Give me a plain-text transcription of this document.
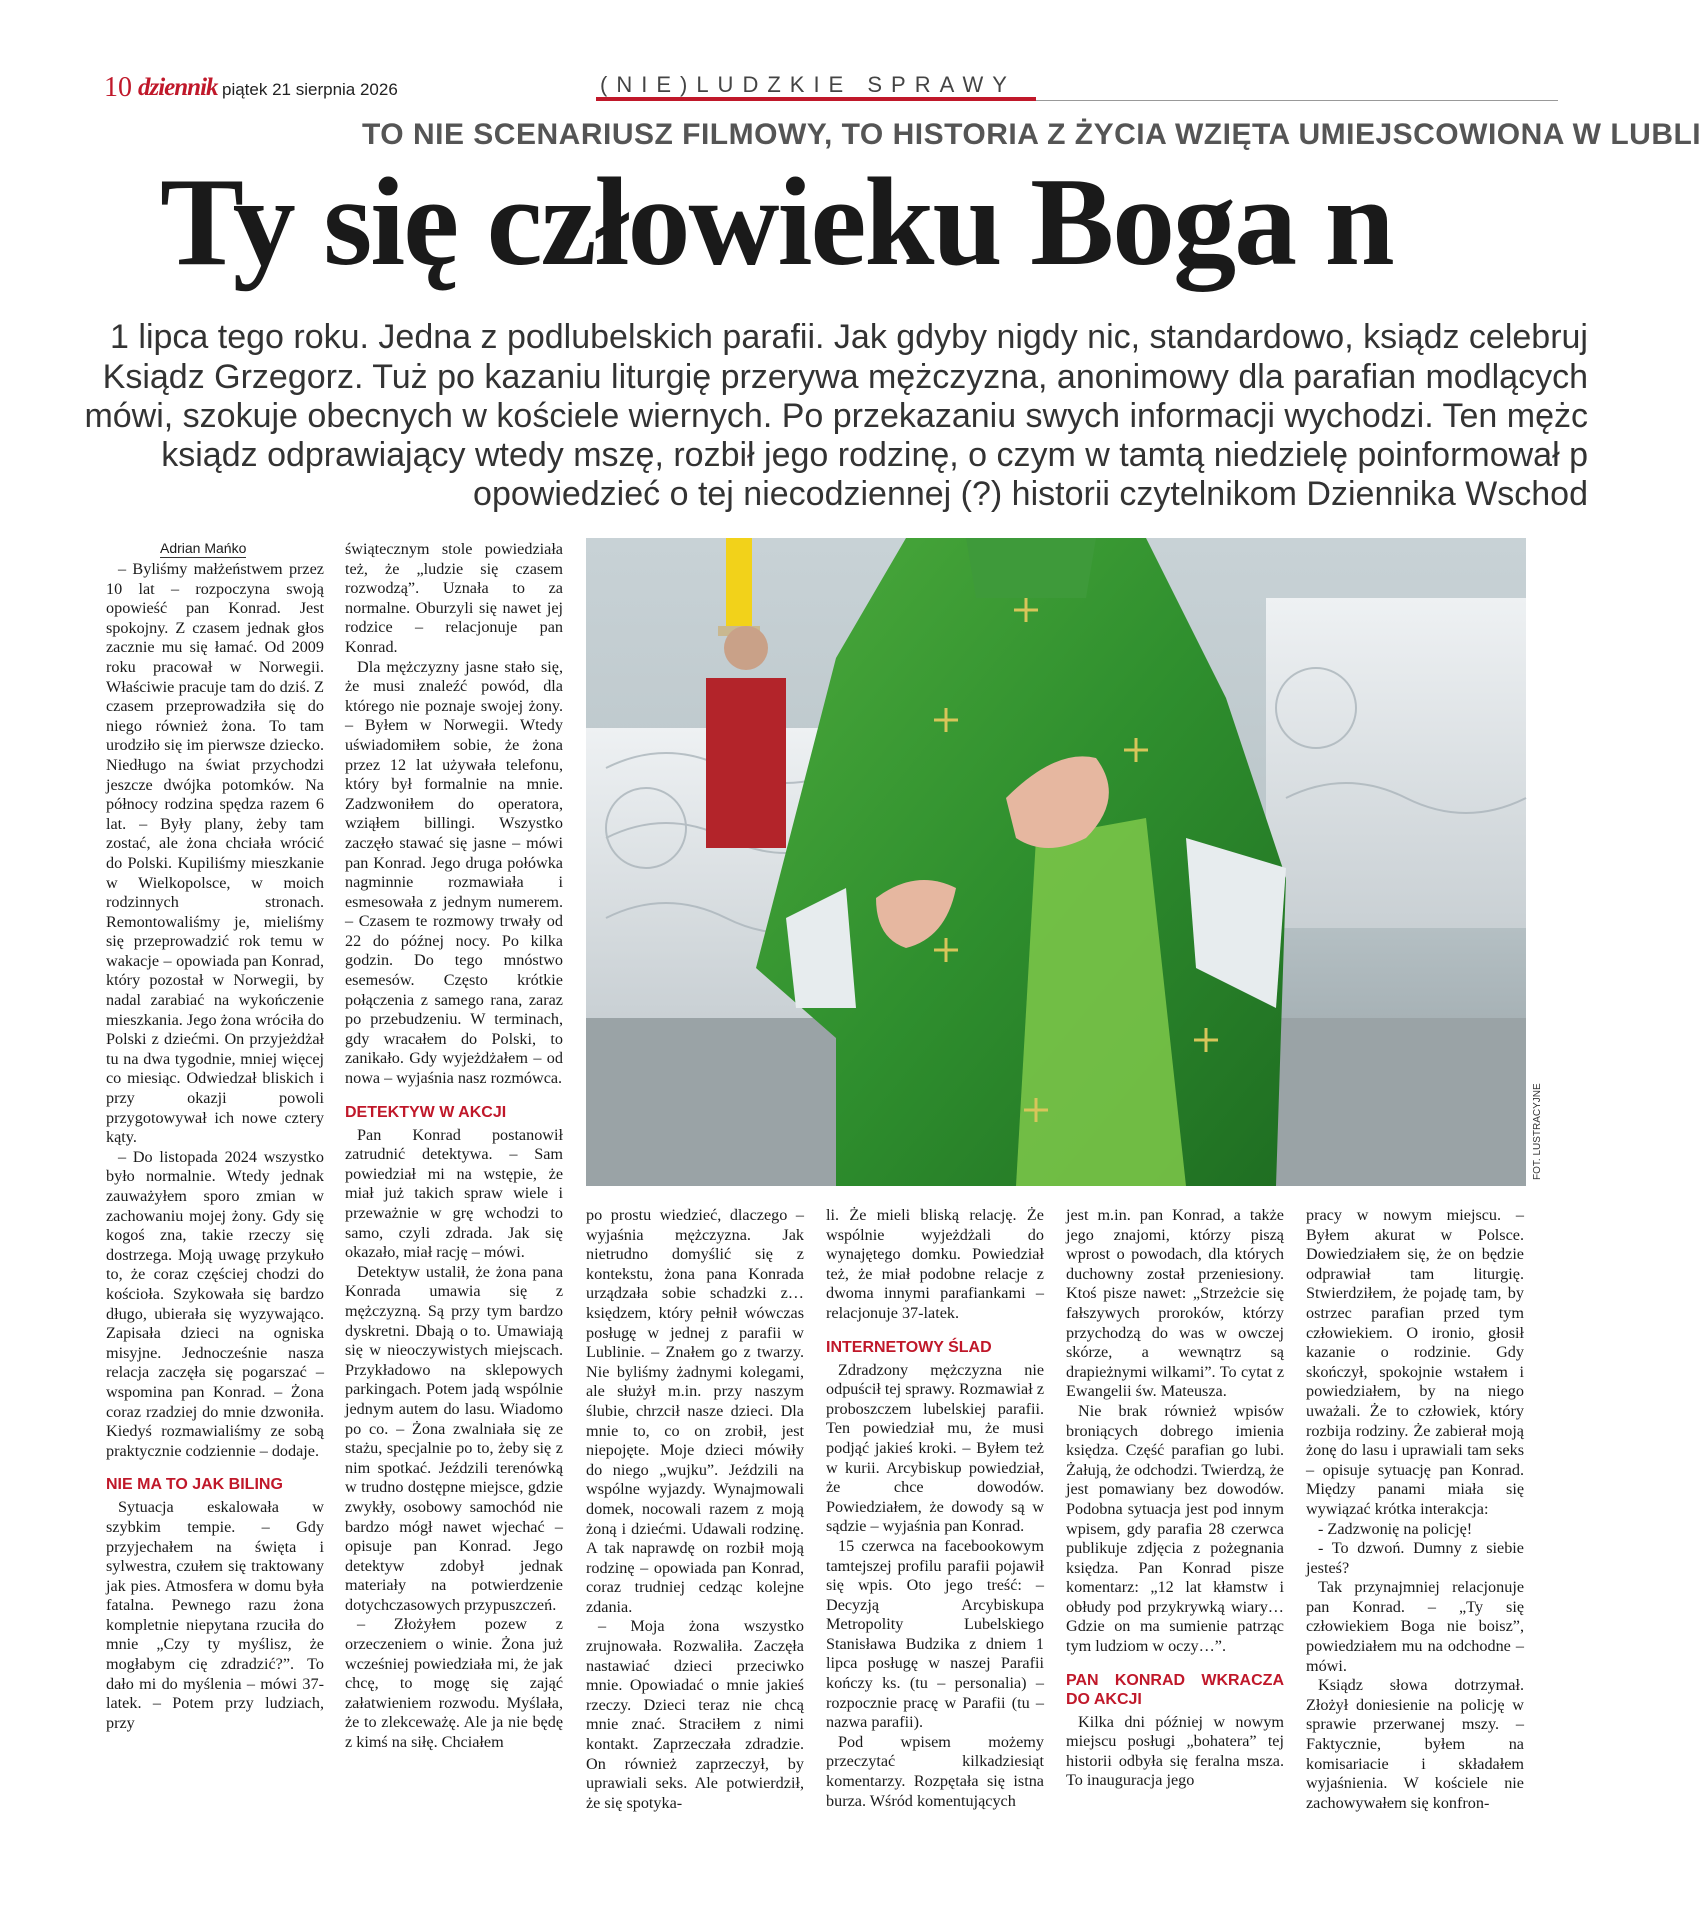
10 dziennik piątek 21 sierpnia 2026	(NIE)LUDZKIE SPRAWY
TO NIE SCENARIUSZ FILMOWY, TO HISTORIA Z ŻYCIA WZIĘTA UMIEJSCOWIONA W LUBLI
Ty się człowieku Boga n
1 lipca tego roku. Jedna z podlubelskich parafii. Jak gdyby nigdy nic, standardowo, ksiądz celebruj
Ksiądz Grzegorz. Tuż po kazaniu liturgię przerywa mężczyzna, anonimowy dla parafian modlących
mówi, szokuje obecnych w kościele wiernych. Po przekazaniu swych informacji wychodzi. Ten mężc
ksiądz odprawiający wtedy mszę, rozbił jego rodzinę, o czym w tamtą niedzielę poinformował p
opowiedzieć o tej niecodziennej (?) historii czytelnikom Dziennika Wschod
Adrian Mańko
FOT. LUSTRACYJNE

– Byliśmy małżeństwem przez 10 lat – rozpoczyna swoją opowieść pan Konrad. Jest spokojny. Z czasem jednak głos zacznie mu się łamać. Od 2009 roku pracował w Norwegii. Właściwie pracuje tam do dziś. Z czasem przeprowadziła się do niego również żona. To tam urodziło się im pierwsze dziecko. Niedługo na świat przychodzi jeszcze dwójka potomków. Na północy rodzina spędza razem 6 lat. – Były plany, żeby tam zostać, ale żona chciała wrócić do Polski. Kupiliśmy mieszkanie w Wielkopolsce, w moich rodzinnych stronach. Remontowaliśmy je, mieliśmy się przeprowadzić rok temu w wakacje – opowiada pan Konrad, który pozostał w Norwegii, by nadal zarabiać na wykończenie mieszkania. Jego żona wróciła do Polski z dziećmi. On przyjeżdżał tu na dwa tygodnie, mniej więcej co miesiąc. Odwiedzał bliskich i przy okazji powoli przygotowywał ich nowe cztery kąty.

– Do listopada 2024 wszystko było normalnie. Wtedy jednak zauważyłem sporo zmian w zachowaniu mojej żony. Gdy się kogoś zna, takie rzeczy się dostrzega. Moją uwagę przykuło to, że coraz częściej chodzi do kościoła. Szykowała się bardzo długo, ubierała się wyzywająco. Zapisała dzieci na ogniska misyjne. Jednocześnie nasza relacja zaczęła się pogarszać – wspomina pan Konrad. – Żona coraz rzadziej do mnie dzwoniła. Kiedyś rozmawialiśmy ze sobą praktycznie codziennie – dodaje.

NIE MA TO JAK BILING

Sytuacja eskalowała w szybkim tempie. – Gdy przyjechałem na święta i sylwestra, czułem się traktowany jak pies. Atmosfera w domu była fatalna. Pewnego razu żona kompletnie niepytana rzuciła do mnie „Czy ty myślisz, że mogłabym cię zdradzić?”. To dało mi do myślenia – mówi 37-latek. – Potem przy ludziach, przy

świątecznym stole powiedziała też, że „ludzie się czasem rozwodzą”. Uznała to za normalne. Oburzyli się nawet jej rodzice – relacjonuje pan Konrad.

Dla mężczyzny jasne stało się, że musi znaleźć powód, dla którego nie poznaje swojej żony. – Byłem w Norwegii. Wtedy uświadomiłem sobie, że żona przez 12 lat używała telefonu, który był formalnie na mnie. Zadzwoniłem do operatora, wziąłem billingi. Wszystko zaczęło stawać się jasne – mówi pan Konrad. Jego druga połówka nagminnie rozmawiała i esmesowała z jednym numerem. – Czasem te rozmowy trwały od 22 do późnej nocy. Po kilka godzin. Do tego mnóstwo esemesów. Często krótkie połączenia z samego rana, zaraz po przebudzeniu. W terminach, gdy wracałem do Polski, to zanikało. Gdy wyjeżdżałem – od nowa – wyjaśnia nasz rozmówca.

DETEKTYW W AKCJI

Pan Konrad postanowił zatrudnić detektywa. – Sam powiedział mi na wstępie, że miał już takich spraw wiele i przeważnie w grę wchodzi to samo, czyli zdrada. Jak się okazało, miał rację – mówi.

Detektyw ustalił, że żona pana Konrada umawia się z mężczyzną. Są przy tym bardzo dyskretni. Dbają o to. Umawiają się w nieoczywistych miejscach. Przykładowo na sklepowych parkingach. Potem jadą wspólnie jednym autem do lasu. Wiadomo po co. – Żona zwalniała się ze stażu, specjalnie po to, żeby się z nim spotkać. Jeździli terenówką w trudno dostępne miejsce, gdzie zwykły, osobowy samochód nie bardzo mógł nawet wjechać – opisuje pan Konrad. Jego detektyw zdobył jednak materiały na potwierdzenie dotychczasowych przypuszczeń.

– Złożyłem pozew z orzeczeniem o winie. Żona już wcześniej powiedziała mi, że jak chcę, to mogę się zająć załatwieniem rozwodu. Myślała, że to zlekceważę. Ale ja nie będę z kimś na siłę. Chciałem

po prostu wiedzieć, dlaczego – wyjaśnia mężczyzna. Jak nietrudno domyślić się z kontekstu, żona pana Konrada urządzała sobie schadzki z… księdzem, który pełnił wówczas posługę w jednej z parafii w Lublinie. – Znałem go z twarzy. Nie byliśmy żadnymi kolegami, ale służył m.in. przy naszym ślubie, chrzcił nasze dzieci. Dla mnie to, co on zrobił, jest niepojęte. Moje dzieci mówiły do niego „wujku”. Jeździli na wspólne wyjazdy. Wynajmowali domek, nocowali razem z moją żoną i dziećmi. Udawali rodzinę. A tak naprawdę on rozbił moją rodzinę – opowiada pan Konrad, coraz trudniej cedząc kolejne zdania.

– Moja żona wszystko zrujnowała. Rozwaliła. Zaczęła nastawiać dzieci przeciwko mnie. Opowiadać o mnie jakieś rzeczy. Dzieci teraz nie chcą mnie znać. Straciłem z nimi kontakt. Zaprzeczała zdradzie. On również zaprzeczył, by uprawiali seks. Ale potwierdził, że się spotyka-

li. Że mieli bliską relację. Że wspólnie wyjeżdżali do wynajętego domku. Powiedział też, że miał podobne relacje z dwoma innymi parafiankami – relacjonuje 37-latek.

INTERNETOWY ŚLAD

Zdradzony mężczyzna nie odpuścił tej sprawy. Rozmawiał z proboszczem lubelskiej parafii. Ten powiedział mu, że musi podjąć jakieś kroki. – Byłem też w kurii. Arcybiskup powiedział, że chce dowodów. Powiedziałem, że dowody są w sądzie – wyjaśnia pan Konrad.

15 czerwca na facebookowym tamtejszej profilu parafii pojawił się wpis. Oto jego treść: – Decyzją Arcybiskupa Metropolity Lubelskiego Stanisława Budzika z dniem 1 lipca posługę w naszej Parafii kończy ks. (tu – personalia) – rozpocznie pracę w Parafii (tu – nazwa parafii).

Pod wpisem możemy przeczytać kilkadziesiąt komentarzy. Rozpętała się istna burza. Wśród komentujących

jest m.in. pan Konrad, a także jego znajomi, którzy piszą wprost o powodach, dla których duchowny został przeniesiony. Ktoś pisze nawet: „Strzeżcie się fałszywych proroków, którzy przychodzą do was w owczej skórze, a wewnątrz są drapieżnymi wilkami”. To cytat z Ewangelii św. Mateusza.

Nie brak również wpisów broniących dobrego imienia księdza. Część parafian go lubi. Żałują, że odchodzi. Twierdzą, że jest pomawiany bez dowodów. Podobna sytuacja jest pod innym wpisem, gdy parafia 28 czerwca publikuje zdjęcia z pożegnania księdza. Pan Konrad pisze komentarz: „12 lat kłamstw i obłudy pod przykrywką wiary… Gdzie on ma sumienie patrząc tym ludziom w oczy…”.

PAN KONRAD WKRACZA DO AKCJI

Kilka dni później w nowym miejscu posługi „bohatera” tej historii odbyła się feralna msza. To inauguracja jego

pracy w nowym miejscu. – Byłem akurat w Polsce. Dowiedziałem się, że on będzie odprawiał tam liturgię. Stwierdziłem, że pojadę tam, by ostrzec parafian przed tym człowiekiem. O ironio, głosił kazanie o rodzinie. Gdy skończył, spokojnie wstałem i powiedziałem, by na niego uważali. Że to człowiek, który rozbija rodziny. Że zabierał moją żonę do lasu i uprawiali tam seks – opisuje sytuację pan Konrad. Między panami miała się wywiązać krótka interakcja:

- Zadzwonię na policję!

- To dzwoń. Dumny z siebie jesteś?

Tak przynajmniej relacjonuje pan Konrad. – „Ty się człowiekiem Boga nie boisz”, powiedziałem mu na odchodne – mówi.

Ksiądz słowa dotrzymał. Złożył doniesienie na policję w sprawie przerwanej mszy. – Faktycznie, byłem na komisariacie i składałem wyjaśnienia. W kościele nie zachowywałem się konfron-
